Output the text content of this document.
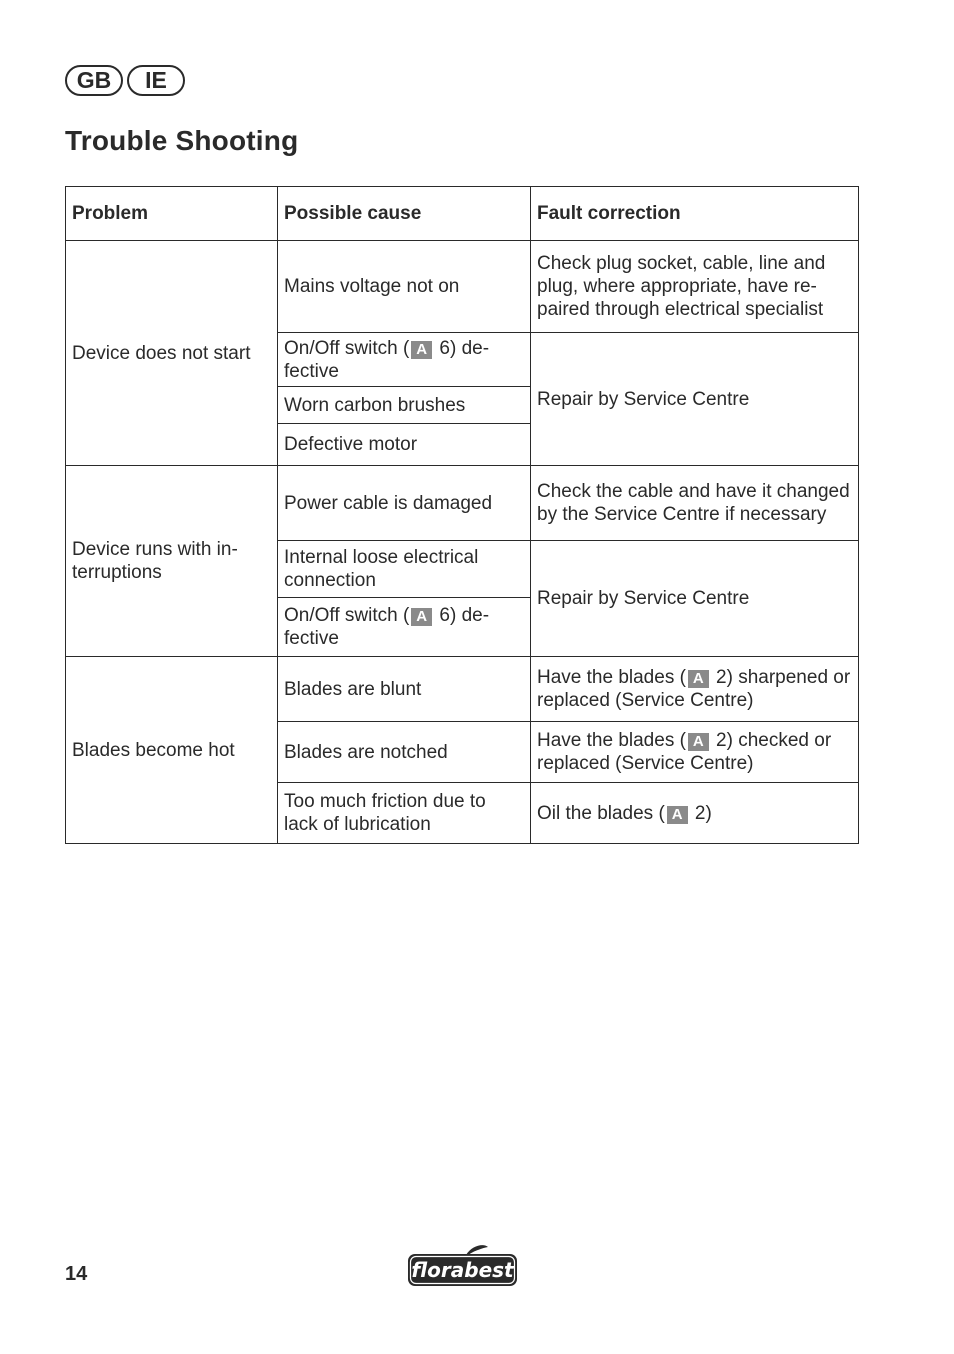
GB	IE
Trouble Shooting
Problem	Possible cause	Fault correction
Device does not start	Mains voltage not on	Check plug socket, cable, line and plug, where appropriate, have re-paired through electrical specialist
	On/Off switch ( A 6) de-fective	Repair by Service Centre
	Worn carbon brushes	
	Defective motor	
Device runs with in-terruptions	Power cable is damaged	Check the cable and have it changed by the Service Centre if necessary
	Internal loose electrical connection	Repair by Service Centre
	On/Off switch ( A 6) de-fective	
Blades become hot	Blades are blunt	Have the blades ( A 2) sharpened or replaced (Service Centre)
	Blades are notched	Have the blades ( A 2) checked or replaced (Service Centre)
	Too much friction due to lack of lubrication	Oil the blades ( A 2)
14	florabest
